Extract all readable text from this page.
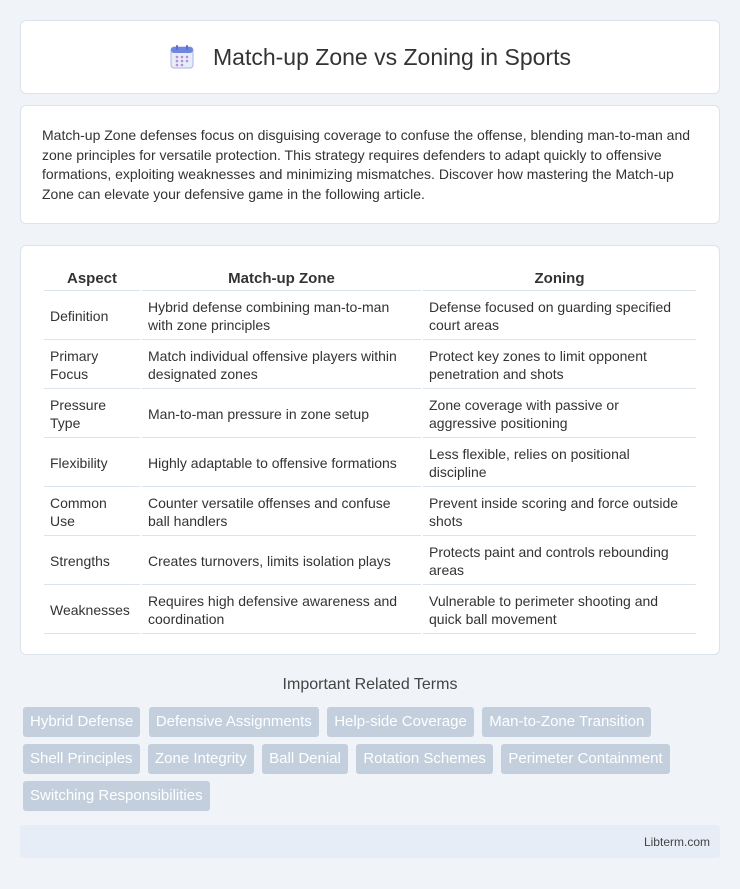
Match-up Zone vs Zoning in Sports

Match-up Zone defenses focus on disguising coverage to confuse the offense, blending man-to-man and zone principles for versatile protection. This strategy requires defenders to adapt quickly to offensive formations, exploiting weaknesses and minimizing mismatches. Discover how mastering the Match-up Zone can elevate your defensive game in the following article.

Aspect	Match-up Zone	Zoning
Definition	Hybrid defense combining man-to-man with zone principles	Defense focused on guarding specified court areas
Primary Focus	Match individual offensive players within designated zones	Protect key zones to limit opponent penetration and shots
Pressure Type	Man-to-man pressure in zone setup	Zone coverage with passive or aggressive positioning
Flexibility	Highly adaptable to offensive formations	Less flexible, relies on positional discipline
Common Use	Counter versatile offenses and confuse ball handlers	Prevent inside scoring and force outside shots
Strengths	Creates turnovers, limits isolation plays	Protects paint and controls rebounding areas
Weaknesses	Requires high defensive awareness and coordination	Vulnerable to perimeter shooting and quick ball movement
Important Related Terms
Hybrid Defense Defensive Assignments Help-side Coverage Man-to-Zone Transition Shell Principles Zone Integrity Ball Denial Rotation Schemes Perimeter Containment Switching Responsibilities
Libterm.com
